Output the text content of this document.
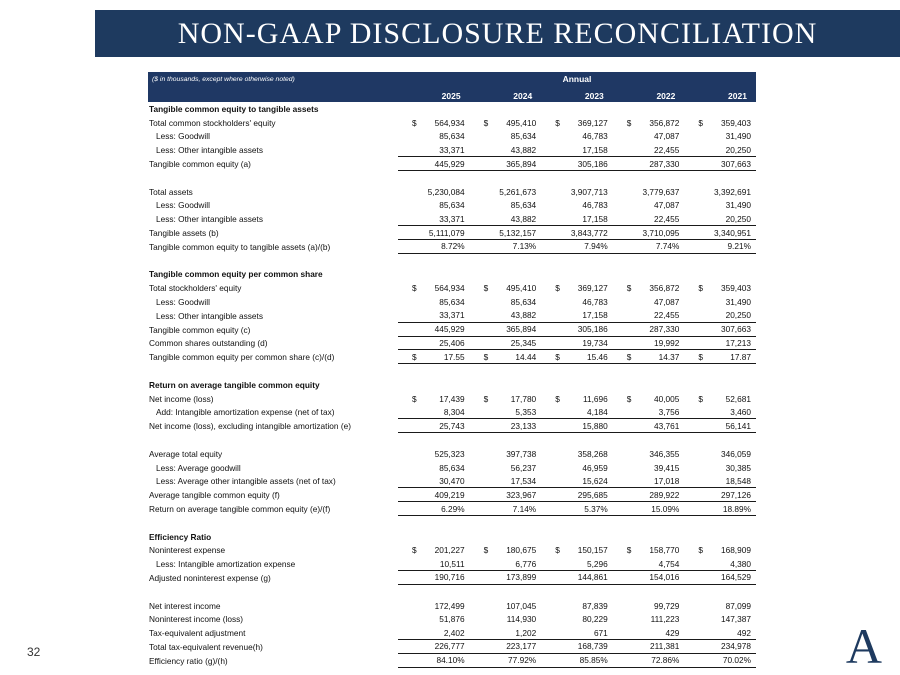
NON-GAAP DISCLOSURE RECONCILIATION
($ in thousands, except where otherwise noted)	Annual
2025	2024	2023	2022	2021
Tangible common equity to tangible assets
Total common stockholders' equity	$ 564,934 $ 495,410 $ 369,127 $ 356,872 $ 359,403
Less: Goodwill	85,634	85,634	46,783	47,087	31,490
Less: Other intangible assets	33,371	43,882	17,158	22,455	20,250
Tangible common equity (a)	445,929	365,894	305,186	287,330	307,663
Total assets	5,230,084	5,261,673	3,907,713	3,779,637	3,392,691
Less: Goodwill	85,634	85,634	46,783	47,087	31,490
Less: Other intangible assets	33,371	43,882	17,158	22,455	20,250
Tangible assets (b)	5,111,079	5,132,157	3,843,772	3,710,095	3,340,951
Tangible common equity to tangible assets (a)/(b)	8.72%	7.13%	7.94%	7.74%	9.21%
Tangible common equity per common share
Total stockholders' equity	$ 564,934 $ 495,410 $ 369,127 $ 356,872 $ 359,403
Less: Goodwill	85,634	85,634	46,783	47,087	31,490
Less: Other intangible assets	33,371	43,882	17,158	22,455	20,250
Tangible common equity (c)	445,929	365,894	305,186	287,330	307,663
Common shares outstanding (d)	25,406	25,345	19,734	19,992	17,213
Tangible common equity per common share (c)/(d)	$	17.55 $	14.44 $	15.46 $	14.37 $	17.87
Return on average tangible common equity
Net income (loss)	$	17,439 $	17,780 $	11,696 $	40,005 $	52,681
Add: Intangible amortization expense (net of tax)	8,304	5,353	4,184	3,756	3,460
Net income (loss), excluding intangible amortization (e)	25,743	23,133	15,880	43,761	56,141
Average total equity	525,323	397,738	358,268	346,355	346,059
Less: Average goodwill	85,634	56,237	46,959	39,415	30,385
Less: Average other intangible assets (net of tax)	30,470	17,534	15,624	17,018	18,548
Average tangible common equity (f)	409,219	323,967	295,685	289,922	297,126
Return on average tangible common equity (e)/(f)	6.29%	7.14%	5.37%	15.09%	18.89%
Efficiency Ratio
Noninterest expense	$ 201,227 $ 180,675 $ 150,157 $ 158,770 $ 168,909
Less: Intangible amortization expense	10,511	6,776	5,296	4,754	4,380
Adjusted noninterest expense (g)	190,716	173,899	144,861	154,016	164,529
Net interest income	172,499	107,045	87,839	99,729	87,099
Noninterest income (loss)	51,876	114,930	80,229	111,223	147,387
Tax-equivalent adjustment	2,402	1,202	671	429	492
Total tax-equivalent revenue(h)	226,777	223,177	168,739	211,381	234,978
Efficiency ratio (g)/(h)	84.10%	77.92%	85.85%	72.86%	70.02%
32	A
